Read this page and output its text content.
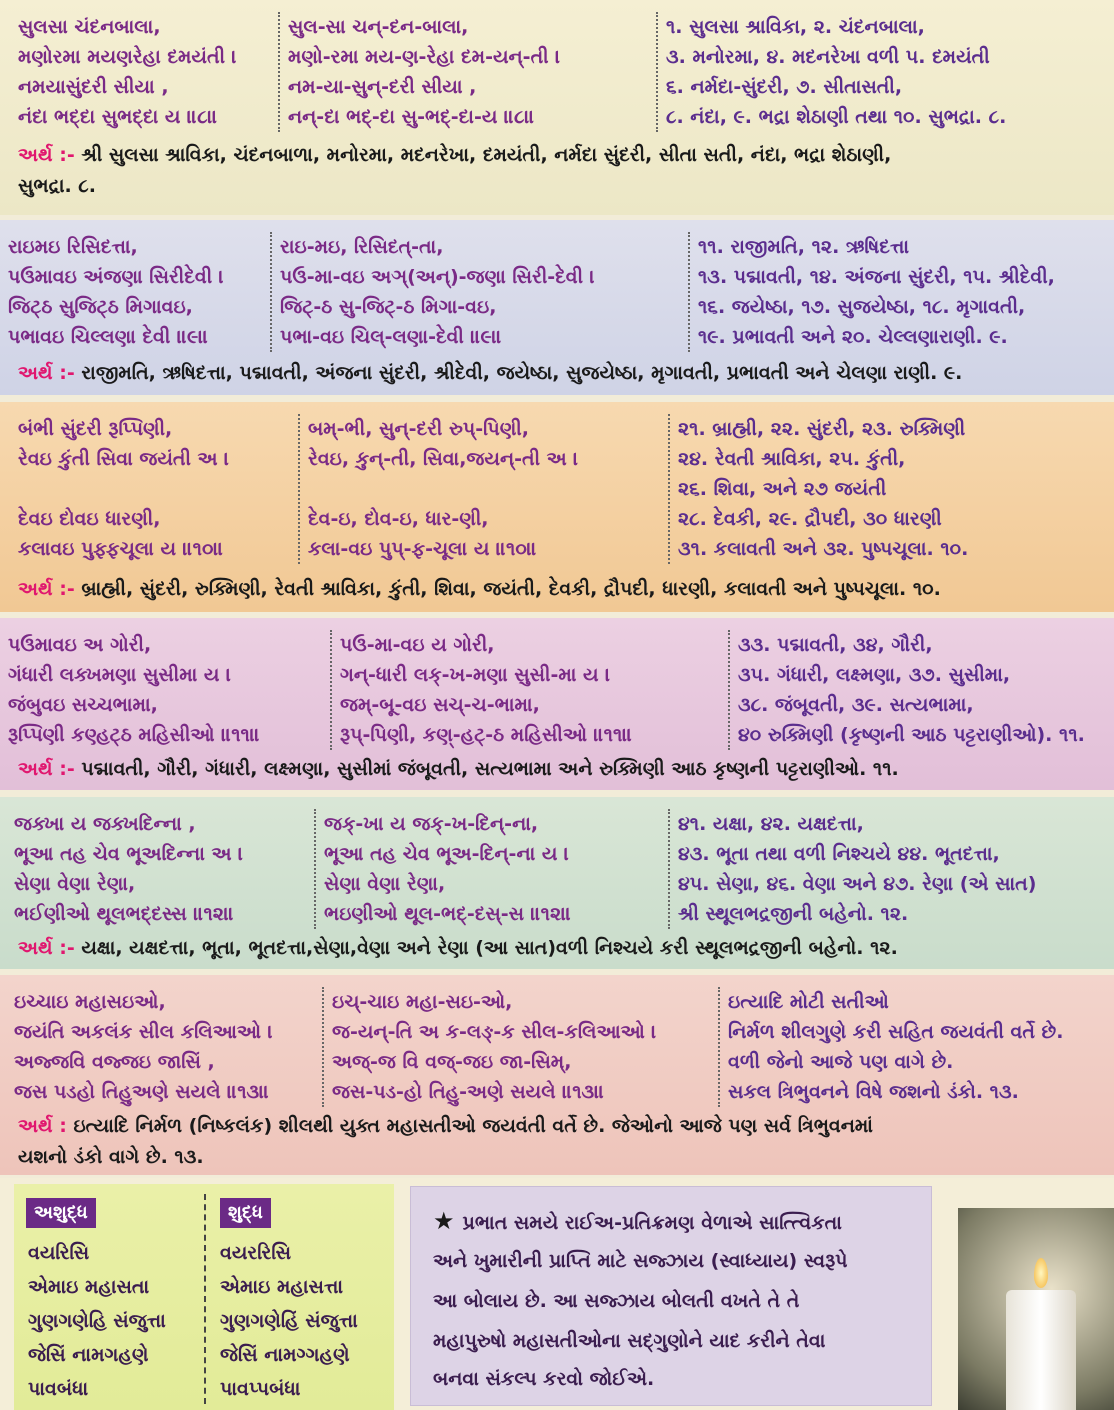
સુલસા ચંદનબાલા,
મણોરમા મયણરેહા દમયંતી ।
નમયાસુંદરી સીયા ,
નંદા ભદ્દા સુભદ્દા ય ॥૮॥
સુલ-સા ચન્-દન-બાલા,
મણો-રમા મય-ણ-રેહા દમ-યન્-તી ।
નમ-યા-સુન્-દરી સીયા ,
નન્-દા ભદ્-દા સુ-ભદ્-દા-ય ॥૮॥
૧. સુલસા શ્રાવિકા, ૨. ચંદનબાલા,
૩. મનોરમા, ૪. મદનરેખા વળી ૫. દમયંતી
૬. નર્મદા-સુંદરી, ૭. સીતાસતી,
૮. નંદા, ૯. ભદ્રા શેઠાણી તથા ૧૦. સુભદ્રા. ૮.
અર્થ :- શ્રી સુલસા શ્રાવિકા, ચંદનબાળા, મનોરમા, મદનરેખા, દમયંતી, નર્મદા સુંદરી, સીતા સતી, નંદા, ભદ્રા શેઠાણી,
સુભદ્રા. ૮.
રાઇમઇ રિસિદત્તા,
પઉમાવઇ અંજણા સિરીદેવી ।
જિટ્ઠ સુજિટ્ઠ મિગાવઇ,
પભાવઇ ચિલ્લણા દેવી ॥૯॥
રાઇ-મઇ, રિસિદત્-તા,
પઉ-મા-વઇ અઞ્(અન્)-જણા સિરી-દેવી ।
જિટ્-ઠ સુ-જિટ્-ઠ મિગા-વઇ,
પભા-વઇ ચિલ્-લણા-દેવી ॥૯॥
૧૧. રાજીમતિ, ૧૨. ઋષિદત્તા
૧૩. પદ્માવતી, ૧૪. અંજના સુંદરી, ૧૫. શ્રીદેવી,
૧૬. જયેષ્ઠા, ૧૭. સુજયેષ્ઠા, ૧૮. મૃગાવતી,
૧૯. પ્રભાવતી અને ૨૦. ચેલ્લણારાણી. ૯.
અર્થ :- રાજીમતિ, ઋષિદત્તા, પદ્માવતી, અંજના સુંદરી, શ્રીદેવી, જયેષ્ઠા, સુજયેષ્ઠા, મૃગાવતી, પ્રભાવતી અને ચેલણા રાણી. ૯.
બંભી સુંદરી રૂપ્પિણી,
રેવઇ કુંતી સિવા જયંતી અ ।
દેવઇ દોવઇ ધારણી,
કલાવઇ પુફ્ફચૂલા ય ॥૧૦॥
બમ્-ભી, સુન્-દરી રુપ્-પિણી,
રેવઇ, કુન્-તી, સિવા,જયન્-તી અ ।
દેવ-ઇ, દોવ-ઇ, ધાર-ણી,
કલા-વઇ પુપ્-ફ-ચૂલા ય ॥૧૦॥
૨૧. બ્રાહ્મી, ૨૨. સુંદરી, ૨૩. રુક્મિણી
૨૪. રેવતી શ્રાવિકા, ૨૫. કુંતી,
૨૬. શિવા, અને ૨૭ જયંતી
૨૮. દેવકી, ૨૯. દ્રૌપદી, ૩૦ ધારણી
૩૧. કલાવતી અને ૩૨. પુષ્પચૂલા. ૧૦.
અર્થ :- બ્રાહ્મી, સુંદરી, રુક્મિણી, રેવતી શ્રાવિકા, કુંતી, શિવા, જયંતી, દેવકી, દ્રૌપદી, ધારણી, કલાવતી અને પુષ્પચૂલા. ૧૦.
પઉમાવઇ અ ગોરી,
ગંધારી લક્ખમણા સુસીમા ય ।
જંબુવઇ સચ્ચભામા,
રૂપ્પિણી કણ્હટ્ઠ મહિસીઓ ॥૧૧॥
પઉ-મા-વઇ ય ગોરી,
ગન્-ધારી લક્-ખ-મણા સુસી-મા ય ।
જમ્-બૂ-વઇ સચ્-ચ-ભામા,
રૂપ્-પિણી, કણ્-હટ્-ઠ મહિસીઓ ॥૧૧॥
૩૩. પદ્માવતી, ૩૪, ગૌરી,
૩૫. ગંધારી, લક્ષ્મણા, ૩૭. સુસીમા,
૩૮. જંબૂવતી, ૩૯. સત્યભામા,
૪૦ રુક્મિણી (કૃષ્ણની આઠ પટ્ટરાણીઓ). ૧૧.
અર્થ :- પદ્માવતી, ગૌરી, ગંધારી, લક્ષ્મણા, સુસીમાં જંબૂવતી, સત્યભામા અને રુક્મિણી આઠ કૃષ્ણની પટ્ટરાણીઓ. ૧૧.
જક્ખા ય જક્ખદિન્ના ,
ભૂઆ તહ ચેવ ભૂઅદિન્ના અ ।
સેણા વેણા રેણા,
ભઈણીઓ થૂલભદ્દસ્સ ॥૧૨॥
જક્-ખા ય જક્-ખ-દિન્-ના,
ભૂઆ તહ ચેવ ભૂઅ-દિન્-ના ય ।
સેણા વેણા રેણા,
ભઇણીઓ થૂલ-ભદ્-દસ્-સ ॥૧૨॥
૪૧. યક્ષા, ૪૨. યક્ષદત્તા,
૪૩. ભૂતા તથા વળી નિશ્ચયે ૪૪. ભૂતદત્તા,
૪૫. સેણા, ૪૬. વેણા અને ૪૭. રેણા (એ સાત)
શ્રી સ્થૂલભદ્રજીની બહેનો. ૧૨.
અર્થ :- યક્ષા, યક્ષદત્તા, ભૂતા, ભૂતદત્તા,સેણા,વેણા અને રેણા (આ સાત)વળી નિશ્ચયે કરી સ્થૂલભદ્રજીની બહેનો. ૧૨.
ઇચ્ચાઇ મહાસઇઓ,
જયંતિ અકલંક સીલ કલિઆઓ ।
અજ્જવિ વજ્જઇ જાસિં ,
જસ પડહો તિહુઅણે સયલે ॥૧૩॥
ઇચ્-ચાઇ મહા-સઇ-ઓ,
જ-યન્-તિ અ ક-લઙ્-ક સીલ-કલિઆઓ ।
અજ્-જ વિ વજ્-જઇ જા-સિમ્,
જસ-પડ-હો તિહુ-અણે સયલે ॥૧૩॥
ઇત્યાદિ મોટી સતીઓ
નિર્મળ શીલગુણે કરી સહિત જયવંતી વર્તે છે.
વળી જેનો આજે પણ વાગે છે.
સકલ ત્રિભુવનને વિષે જશનો ડંકો. ૧૩.
અર્થ : ઇત્યાદિ નિર્મળ (નિષ્કલંક) શીલથી યુક્ત મહાસતીઓ જયવંતી વર્તે છે. જેઓનો આજે પણ સર્વ ત્રિભુવનમાં
યશનો ડંકો વાગે છે. ૧૩.
અશુદ્ધ	શુદ્ધ
વયરિસિ
એમાઇ મહાસતા
ગુણગણેહિ સંજુત્તા
જેસિં નામગહણે
પાવબંધા
વયરરિસિ
એમાઇ મહાસત્તા
ગુણગણેહિં સંજુત્તા
જેસિં નામગ્ગહણે
પાવપ્પબંધા
★ પ્રભાત સમયે રાઈઅ-પ્રતિક્રમણ વેળાએ સાત્ત્વિકતા
અને ખુમારીની પ્રાપ્તિ માટે સજ્ઝાય (સ્વાધ્યાય) સ્વરૂપે
આ બોલાય છે. આ સજ્ઝાય બોલતી વખતે તે તે
મહાપુરુષો મહાસતીઓના સદ્ગુણોને યાદ કરીને તેવા
બનવા સંકલ્પ કરવો જોઈએ.
